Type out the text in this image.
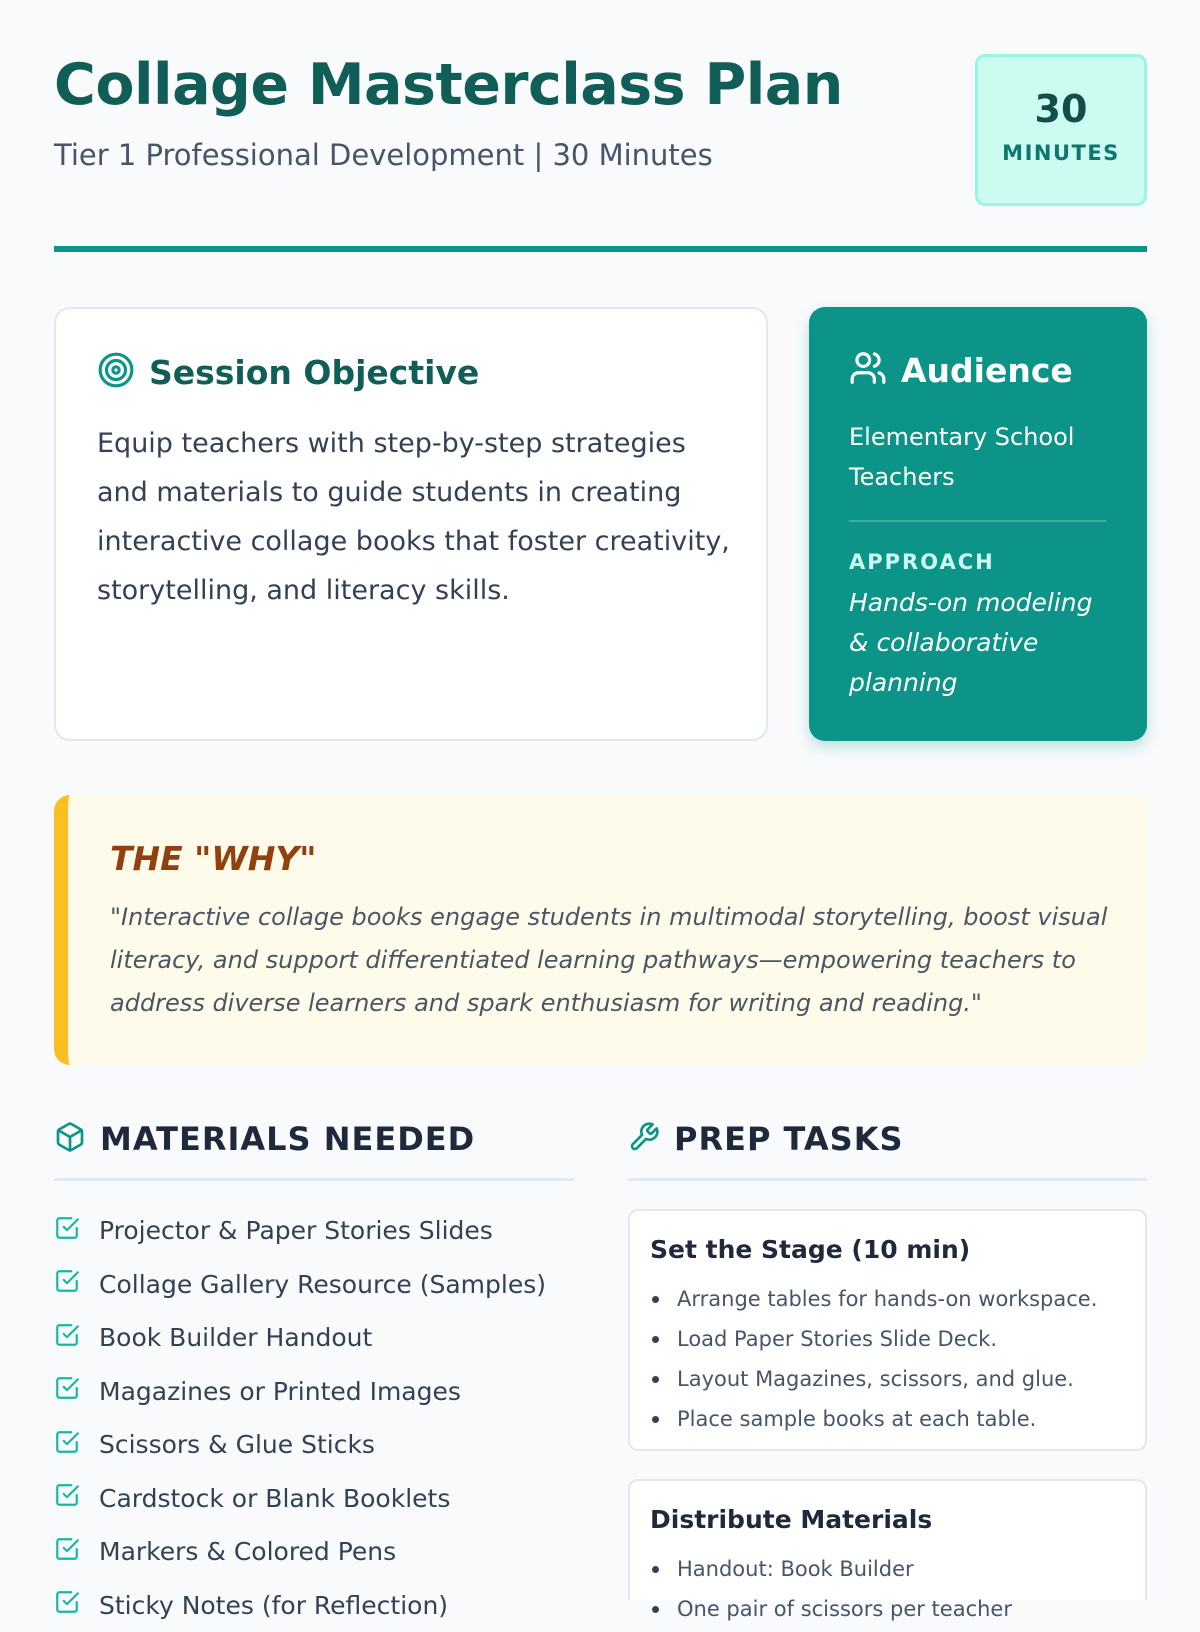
Collage Masterclass Plan
Tier 1 Professional Development | 30 Minutes
30
MINUTES
Session Objective
Equip teachers with step-by-step strategies and materials to guide students in creating interactive collage books that foster creativity, storytelling, and literacy skills.
Audience
Elementary School Teachers
APPROACH
Hands-on modeling & collaborative planning
THE "WHY"
"Interactive collage books engage students in multimodal storytelling, boost visual literacy, and support differentiated learning pathways—empowering teachers to address diverse learners and spark enthusiasm for writing and reading."
MATERIALS NEEDED
Projector & Paper Stories Slides
Collage Gallery Resource (Samples)
Book Builder Handout
Magazines or Printed Images
Scissors & Glue Sticks
Cardstock or Blank Booklets
Markers & Colored Pens
Sticky Notes (for Reflection)
PREP TASKS
Set the Stage (10 min)
Arrange tables for hands-on workspace.
Load Paper Stories Slide Deck.
Layout Magazines, scissors, and glue.
Place sample books at each table.
Distribute Materials
Handout: Book Builder
One pair of scissors per teacher
